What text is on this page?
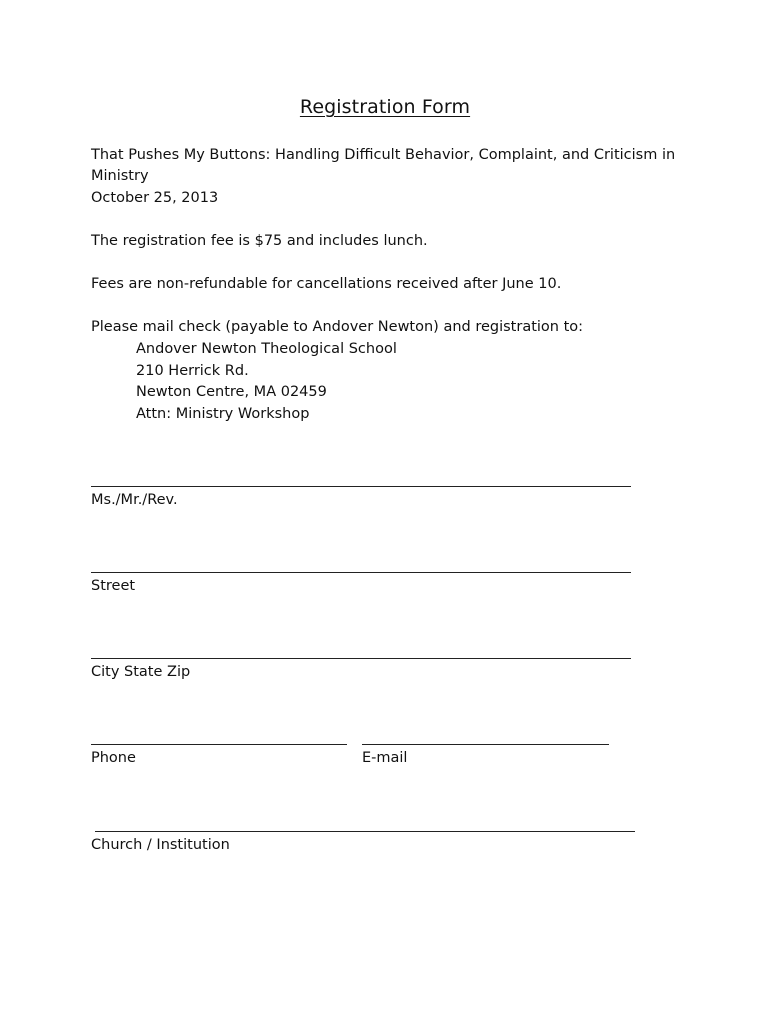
Registration Form
That Pushes My Buttons: Handling Difficult Behavior, Complaint, and Criticism in
Ministry
October 25, 2013
The registration fee is $75 and includes lunch.
Fees are non-refundable for cancellations received after June 10.
Please mail check (payable to Andover Newton) and registration to:
Andover Newton Theological School
210 Herrick Rd.
Newton Centre, MA 02459
Attn: Ministry Workshop
Ms./Mr./Rev.
Street
City State Zip
Phone	E-mail
Church / Institution
